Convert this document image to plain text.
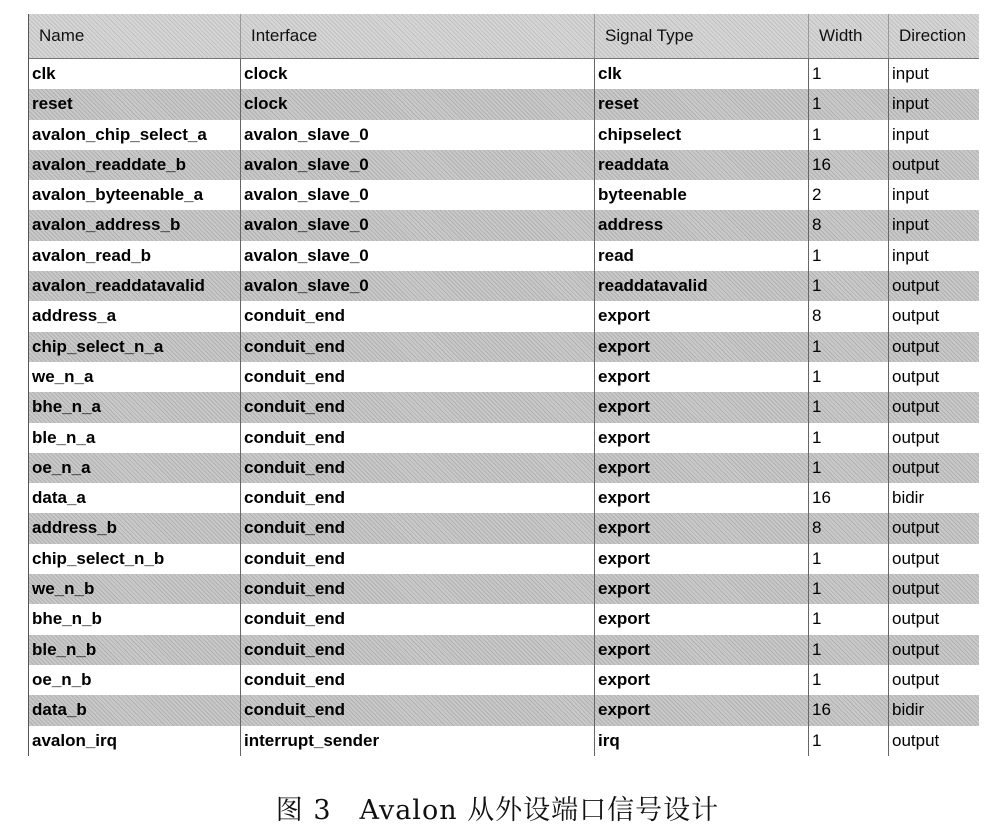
Name	Interface	Signal Type	Width	Direction
clk	clock	clk	1	input
reset	clock	reset	1	input
avalon_chip_select_a	avalon_slave_0	chipselect	1	input
avalon_readdate_b	avalon_slave_0	readdata	16	output
avalon_byteenable_a	avalon_slave_0	byteenable	2	input
avalon_address_b	avalon_slave_0	address	8	input
avalon_read_b	avalon_slave_0	read	1	input
avalon_readdatavalid	avalon_slave_0	readdatavalid	1	output
address_a	conduit_end	export	8	output
chip_select_n_a	conduit_end	export	1	output
we_n_a	conduit_end	export	1	output
bhe_n_a	conduit_end	export	1	output
ble_n_a	conduit_end	export	1	output
oe_n_a	conduit_end	export	1	output
data_a	conduit_end	export	16	bidir
address_b	conduit_end	export	8	output
chip_select_n_b	conduit_end	export	1	output
we_n_b	conduit_end	export	1	output
bhe_n_b	conduit_end	export	1	output
ble_n_b	conduit_end	export	1	output
oe_n_b	conduit_end	export	1	output
data_b	conduit_end	export	16	bidir
avalon_irq	interrupt_sender	irq	1	output
图 3　Avalon 从外设端口信号设计
